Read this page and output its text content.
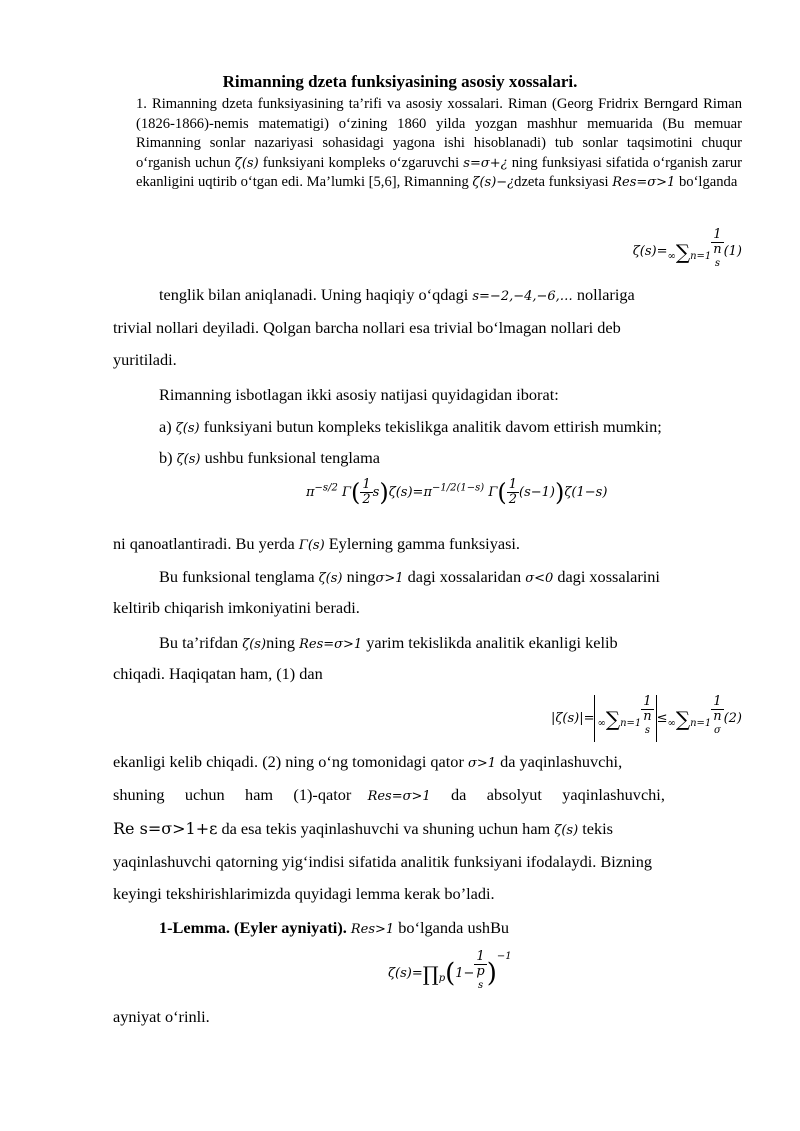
Rimanning dzeta funksiyasining asosiy xossalari.
1. Rimanning dzeta funksiyasining ta’rifi va asosiy xossalari. Riman (Georg Fridrix Berngard Riman (1826-1866)-nemis matematigi) o‘zining 1860 yilda yozgan mashhur memuarida (Bu memuar Rimanning sonlar nazariyasi sohasidagi yagona ishi hisoblanadi) tub sonlar taqsimotini chuqur o‘rganish uchun ζ(s) funksiyani kompleks o‘zgaruvchi s=σ+¿ ning funksiyasi sifatida o‘rganish zarur ekanligini uqtirib o‘tgan edi. Ma’lumki [5,6], Rimanning ζ(s)−¿dzeta funksiyasi Res=σ>1 bo‘lganda
ζ(s)=∞∑n=1 1
n
$^s$ (1)
tenglik bilan aniqlanadi. Uning haqiqiy o‘qdagi s=−2,−4,−6,… nollariga
trivial nollari deyiladi. Qolgan barcha nollari esa trivial bo‘lmagan nollari deb
yuritiladi.
Rimanning isbotlagan ikki asosiy natijasi quyidagidan iborat:
a) ζ(s) funksiyani butun kompleks tekislikga analitik davom ettirish mumkin;
b) ζ(s) ushbu funksional tenglama
$\pi^{-s/2}$ $\Gamma( \frac{1}{2} s)\zeta(s)=\pi^{-1/2(1-s)}$ $\Gamma( \frac{1}{2} (s-1))\zeta(1-s)$
ni qanoatlantiradi. Bu yerda Γ(s) Eylerning gamma funksiyasi.
Bu funksional tenglama ζ(s) ningσ>1 dagi xossalaridan σ<0 dagi xossalarini
keltirib chiqarish imkoniyatini beradi.
Bu ta’rifdan ζ(s)ning Res=σ>1 yarim tekislikda analitik ekanligi kelib
chiqadi. Haqiqatan ham, (1) dan
|ζ(s)|= ∞∑n=1 1
n
$^s$ ≤∞∑n=1 1
n
$^\sigma$ (2)
ekanligi kelib chiqadi. (2) ning o‘ng tomonidagi qator σ>1 da yaqinlashuvchi,
shuning     uchun     ham     (1)-qator    Res=σ>1     da     absolyut     yaqinlashuvchi,
Re s=σ>1+ε da esa tekis yaqinlashuvchi va shuning uchun ham ζ(s) tekis
yaqinlashuvchi qatorning yig‘indisi sifatida analitik funksiyani ifodalaydi. Bizning
keyingi tekshirishlarimizda quyidagi lemma kerak bo’ladi.
1-Lemma. (Eyler ayniyati). Res>1 bo‘lganda ushBu
ζ(s)=∏p(1− 1
p
$^s$ )$^{-1}$
ayniyat o‘rinli.
